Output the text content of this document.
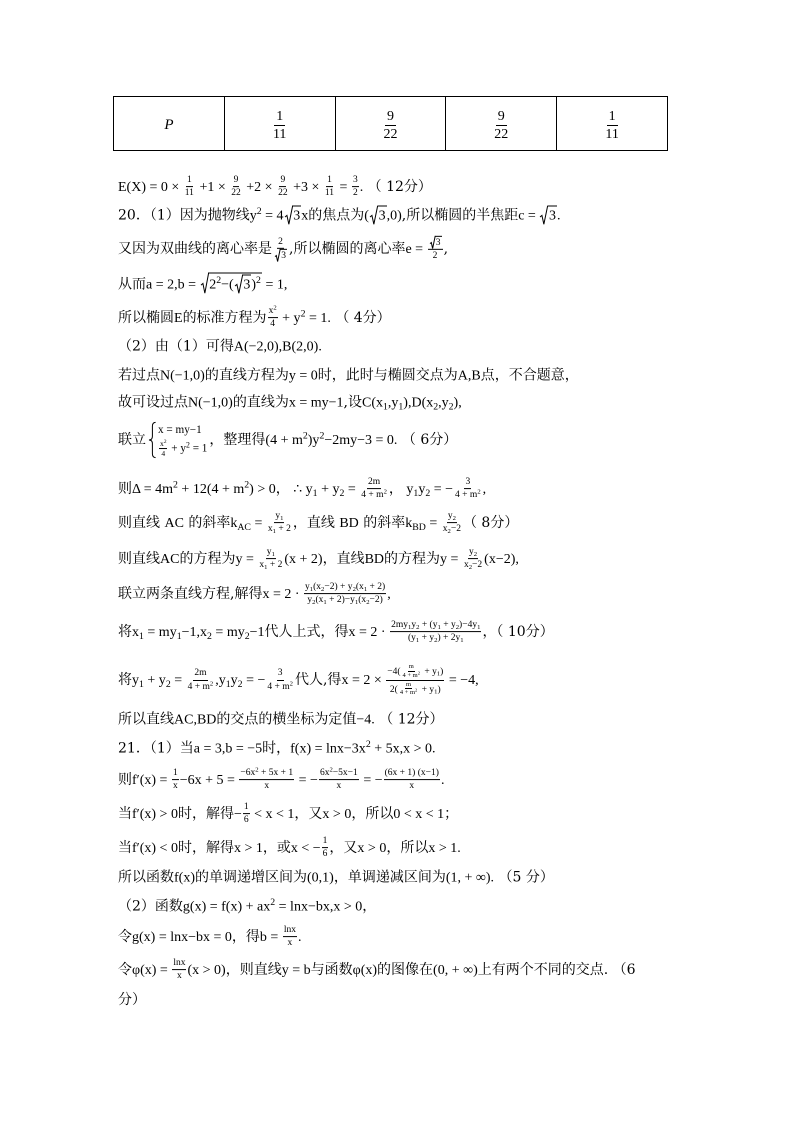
P	$\frac{1}{11}$	$\frac{9}{22}$	$\frac{9}{22}$	$\frac{1}{11}$
$E(X) = 0 \times \frac{1}{11} +1 \times \frac{9}{22} +2 \times \frac{9}{22} +3 \times \frac{1}{11} = \frac{3}{2}$ . （ 12分）
20．（1）因为抛物线$y^2 = 4$ 3 x的焦点为( 3 ,0),所以椭圆的半焦距c = 3 .
又因为双曲线的离心率是 $\frac{2}{3}$ ,所以椭圆的离心率$e = \frac{3}{2}$ ,
从而$a = 2,b = 2^2-$( 3 )$^2$ = 1,
所以椭圆E的标准方程为 $\frac{x^2}{4} + y^2 = 1$. （ 4分）
（2）由（1）可得A(−2,0),B(2,0).
若过点N(−1,0)的直线方程为y = 0时，此时与椭圆交点为A,B点，不合题意，
故可设过点N(−1,0)的直线为x = my−1,设$C(x_1,y_1),D(x_2,y_2)$,
联立
x = my−1
$\frac{x^2}{4} + y^2 = 1$
，整理得$(4 + m^2)y^2-2my-3 = 0$. （ 6分）
则$\Delta = 4m^2 + 12(4 + m^2) > 0$， ∴ $y_1 + y_2 = \frac{2m}{4 + m^2}$ ， $y_1y_2$ = − $\frac{3}{4 + m^2}$ ,
则直线 AC 的斜率$k_{AC} = \frac{y_1}{x_1 + 2}$ ，直线 BD 的斜率$k_{BD} = \frac{y_2}{x_2-2}$ （ 8分）
则直线AC的方程为$y = \frac{y_1}{x_1 + 2} (x + 2)$，直线BD的方程为$y = \frac{y_2}{x_2-2} (x-2)$,
联立两条直线方程,解得$x = 2 \cdot \frac{y_1(x_2-2) + y_2(x_1 + 2)}{y_2(x_1 + 2)-y_1(x_2-2)}$ ,
将$x_1 = my_1-1,x_2 = my_2-1$代人上式，得$x = 2 \cdot \frac{2my_1y_2 + (y_1 + y_2)-4y_1}{(y_1 + y_2) + 2y_1}$ ，（ 10分）
将$y_1 + y_2 = \frac{2m}{4 + m^2} ,y_1y_2$ = − $\frac{3}{4 + m^2}$ 代人,得$x = 2 \times \frac{-4( \frac{m}{4 + m^2} + y_1)}{2( \frac{m}{4 + m^2} + y_1)} = -4$,
所以直线AC,BD的交点的横坐标为定值−4. （ 12分）
21．（1）当a = 3,b = −5时，$f(x) = \ln x-3x^2 + 5x,x > 0$.
则$f'(x) = \frac{1}{x} -6x + 5 = \frac{-6x^2 + 5x + 1}{x}$ = − $\frac{6x^2-5x-1}{x}$ = − $\frac{(6x + 1) (x-1)}{x}$ .
当f′(x) > 0时，解得− $\frac{1}{6} < x < 1$，又x > 0，所以0 < x < 1；
当f′(x) < 0时，解得x > 1，或x < − $\frac{1}{6}$ ，又x > 0，所以x > 1.
所以函数f(x)的单调递增区间为(0,1)，单调递减区间为(1, + ∞). （5 分）
（2）函数$g(x) = f(x) + ax^2 = \ln x-bx,x > 0$，
令g(x) = lnx−bx = 0，得$b = \frac{\ln x}{x}$ .
令$\varphi(x) = \frac{\ln x}{x} (x > 0)$，则直线y = b与函数φ(x)的图像在(0, + ∞)上有两个不同的交点. （6
分）
